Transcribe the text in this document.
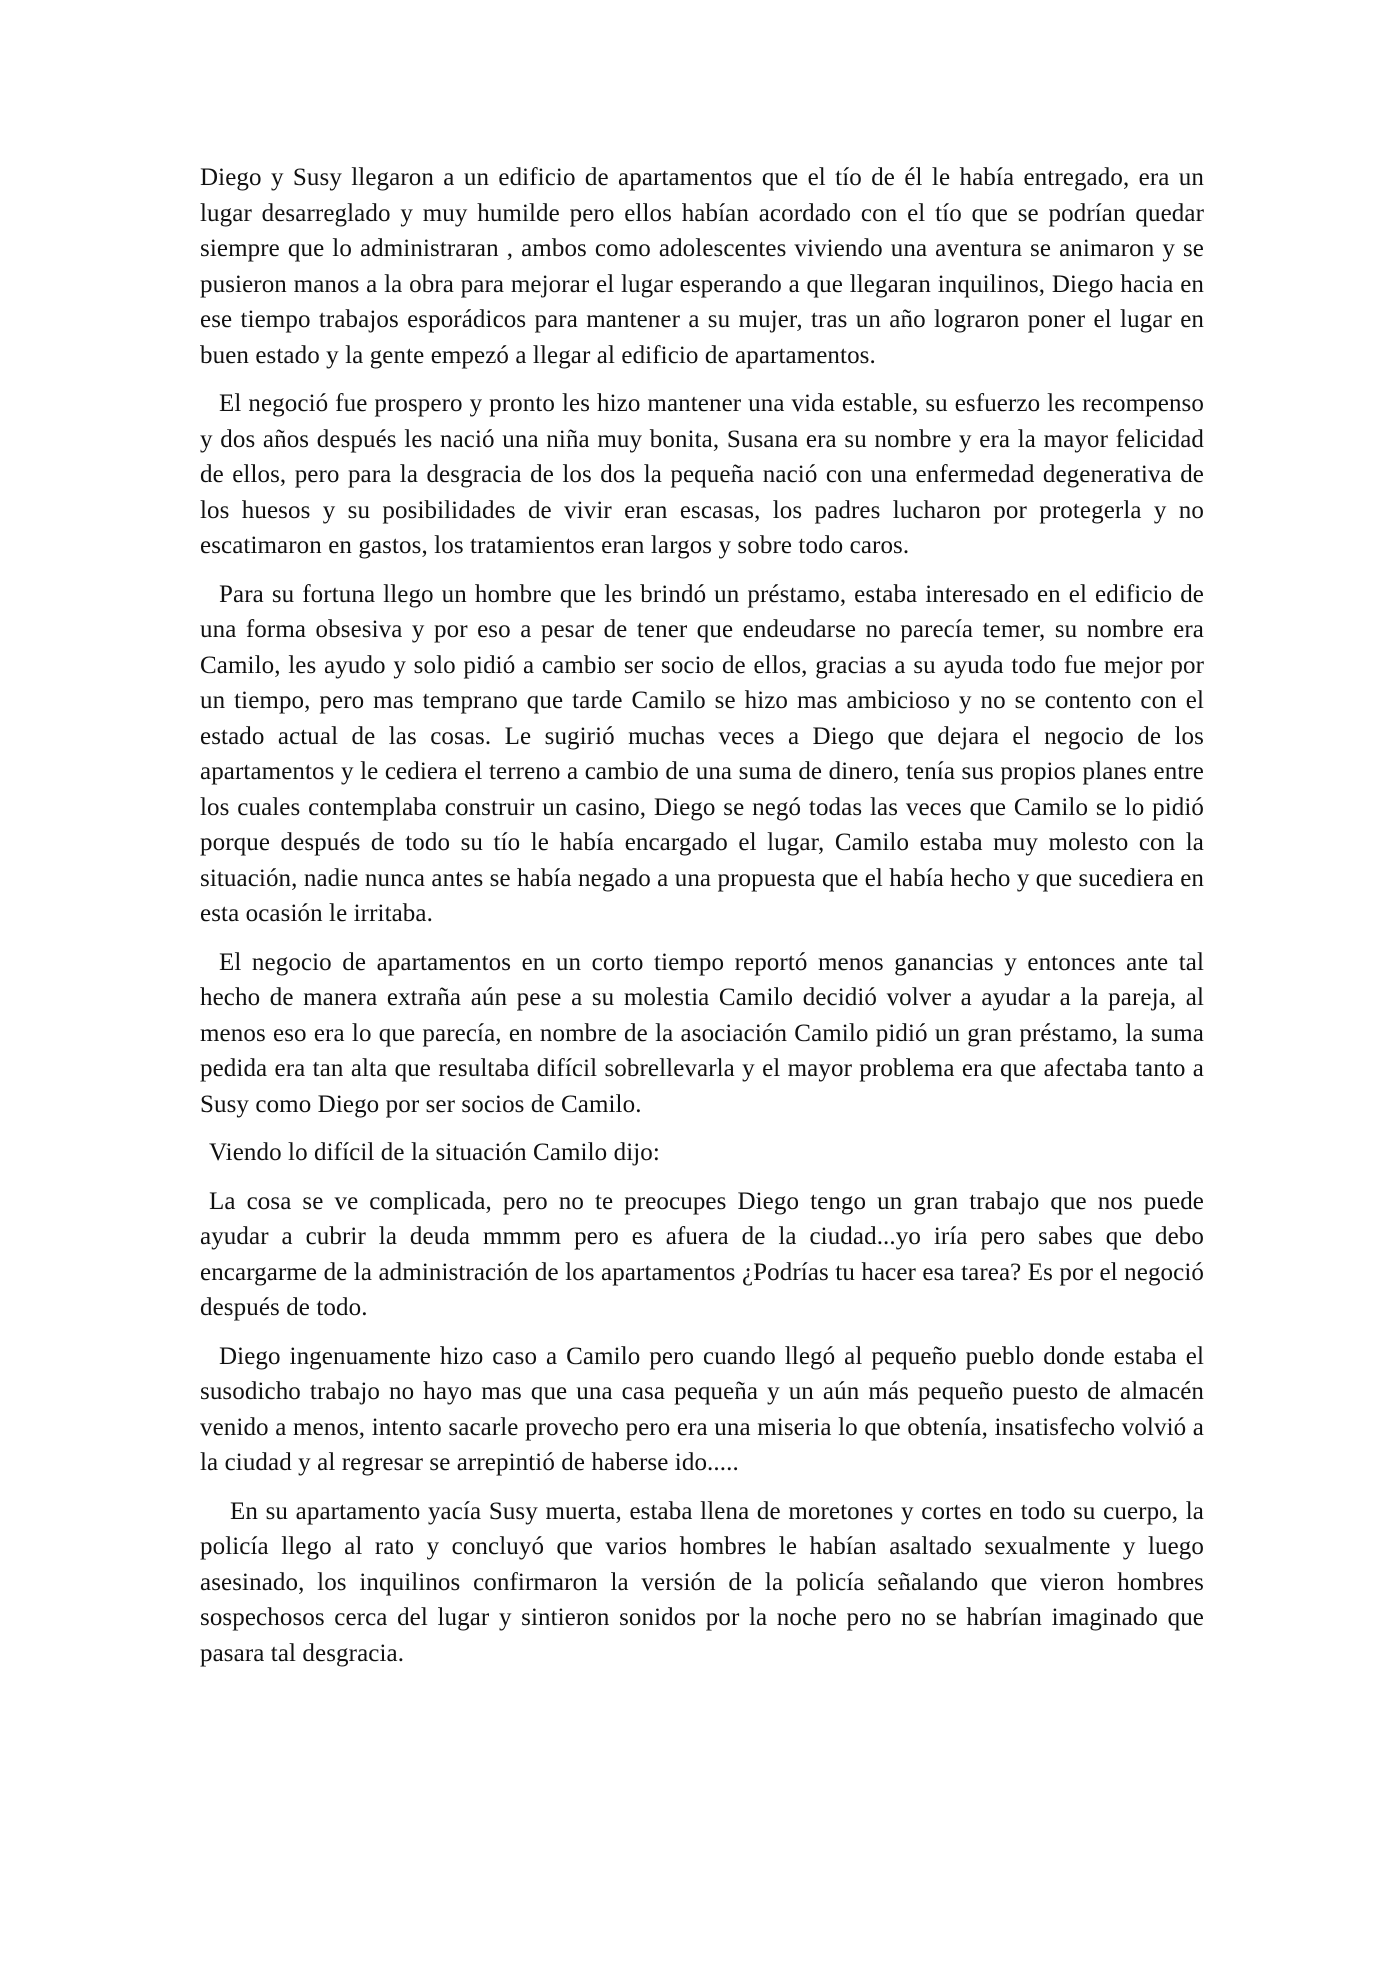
Diego y Susy llegaron a un edificio de apartamentos que el tío de él le había entregado, era un lugar desarreglado y muy humilde pero ellos habían acordado con el tío que se podrían quedar siempre que lo administraran , ambos como adolescentes viviendo una aventura se animaron y se pusieron manos a la obra para mejorar el lugar esperando a que llegaran inquilinos, Diego hacia en ese tiempo trabajos esporádicos para mantener a su mujer, tras un año lograron poner el lugar en buen estado y la gente empezó a llegar al edificio de apartamentos.

El negoció fue prospero y pronto les hizo mantener una vida estable, su esfuerzo les recompenso y dos años después les nació una niña muy bonita, Susana era su nombre y era la mayor felicidad de ellos, pero para la desgracia de los dos la pequeña nació con una enfermedad degenerativa de los huesos y su posibilidades de vivir eran escasas, los padres lucharon por protegerla y no escatimaron en gastos, los tratamientos eran largos y sobre todo caros.

Para su fortuna llego un hombre que les brindó un préstamo, estaba interesado en el edificio de una forma obsesiva y por eso a pesar de tener que endeudarse no parecía temer, su nombre era Camilo, les ayudo y solo pidió a cambio ser socio de ellos, gracias a su ayuda todo fue mejor por un tiempo, pero mas temprano que tarde Camilo se hizo mas ambicioso y no se contento con el estado actual de las cosas. Le sugirió muchas veces a Diego que dejara el negocio de los apartamentos y le cediera el terreno a cambio de una suma de dinero, tenía sus propios planes entre los cuales contemplaba construir un casino, Diego se negó todas las veces que Camilo se lo pidió porque después de todo su tío le había encargado el lugar, Camilo estaba muy molesto con la situación, nadie nunca antes se había negado a una propuesta que el había hecho y que sucediera en esta ocasión le irritaba.

El negocio de apartamentos en un corto tiempo reportó menos ganancias y entonces ante tal hecho de manera extraña aún pese a su molestia Camilo decidió volver a ayudar a la pareja, al menos eso era lo que parecía, en nombre de la asociación Camilo pidió un gran préstamo, la suma pedida era tan alta que resultaba difícil sobrellevarla y el mayor problema era que afectaba tanto a Susy como Diego por ser socios de Camilo.

Viendo lo difícil de la situación Camilo dijo:

La cosa se ve complicada, pero no te preocupes Diego tengo un gran trabajo que nos puede ayudar a cubrir la deuda mmmm pero es afuera de la ciudad...yo iría pero sabes que debo encargarme de la administración de los apartamentos ¿Podrías tu hacer esa tarea? Es por el negoció después de todo.

Diego ingenuamente hizo caso a Camilo pero cuando llegó al pequeño pueblo donde estaba el susodicho trabajo no hayo mas que una casa pequeña y un aún más pequeño puesto de almacén venido a menos, intento sacarle provecho pero era una miseria lo que obtenía, insatisfecho volvió a la ciudad y al regresar se arrepintió de haberse ido.....

En su apartamento yacía Susy muerta, estaba llena de moretones y cortes en todo su cuerpo, la policía llego al rato y concluyó que varios hombres le habían asaltado sexualmente y luego asesinado, los inquilinos confirmaron la versión de la policía señalando que vieron hombres sospechosos cerca del lugar y sintieron sonidos por la noche pero no se habrían imaginado que pasara tal desgracia.
